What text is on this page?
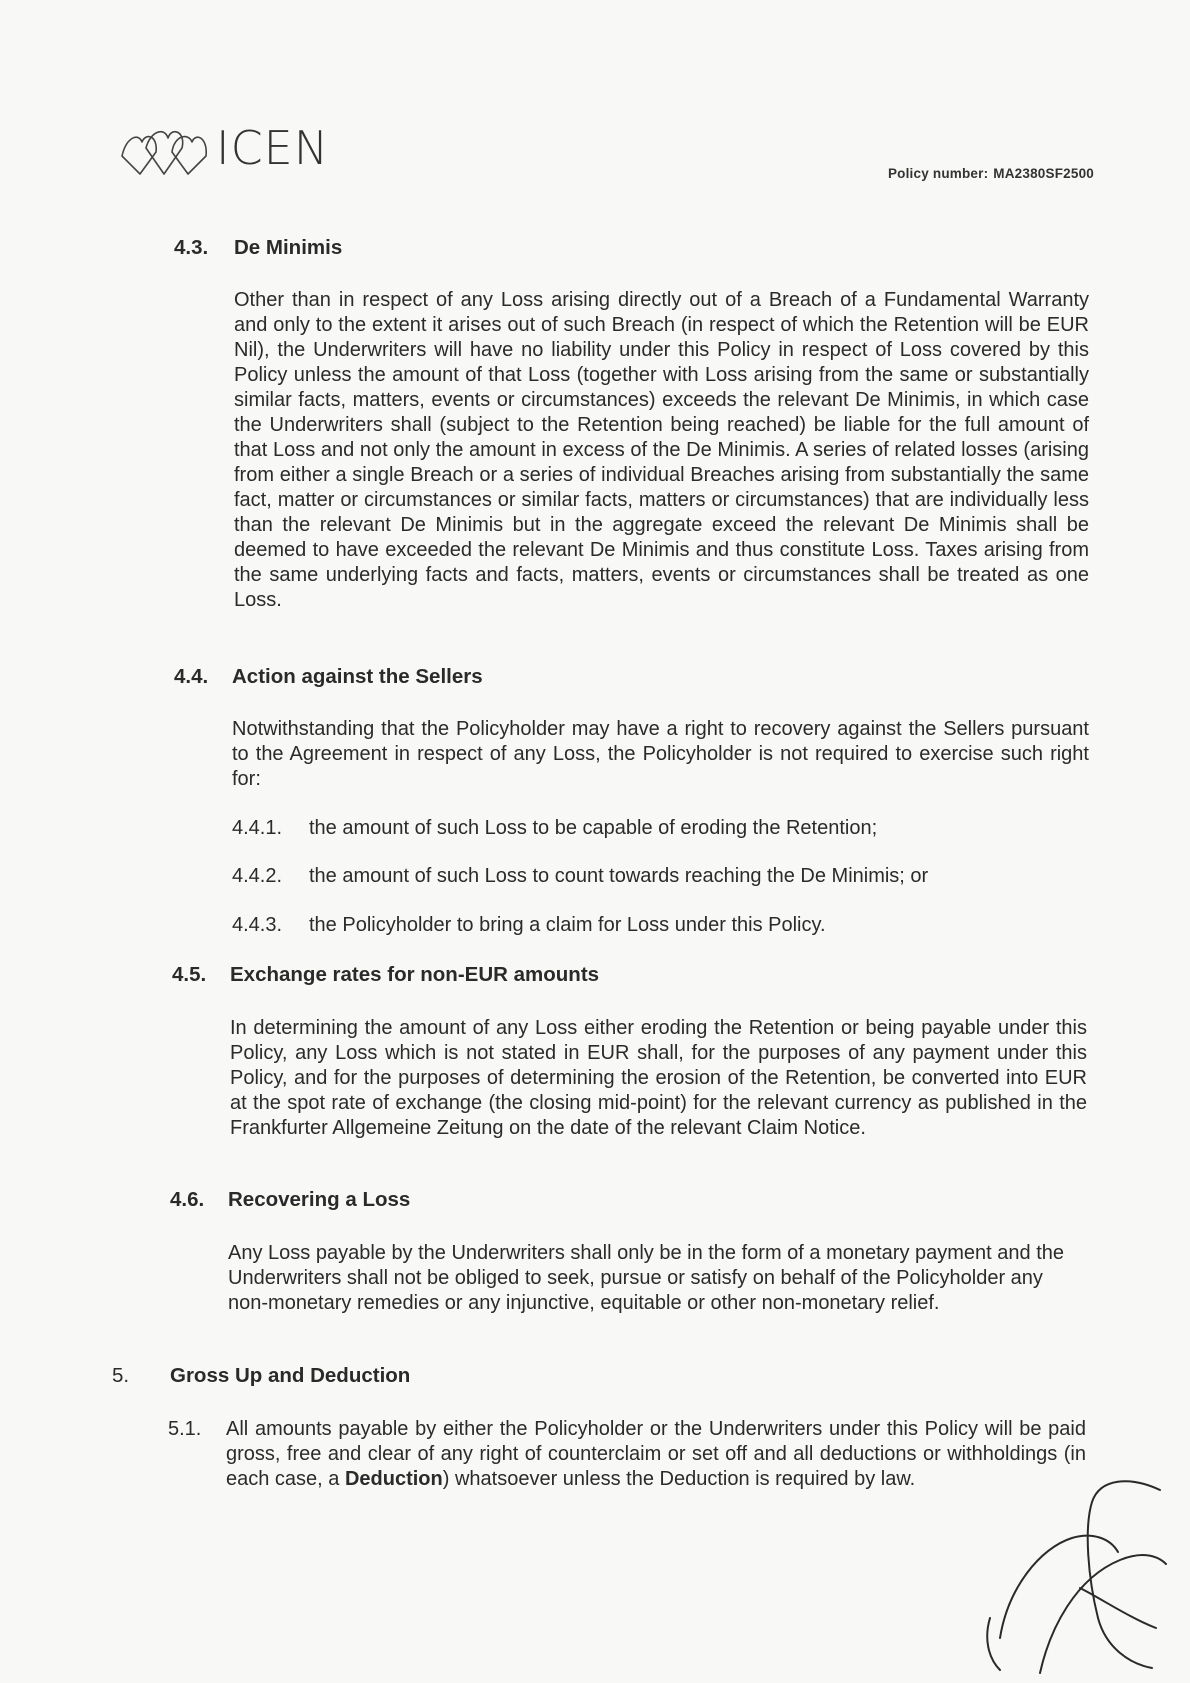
ICEN	Policy number: MA2380SF2500
4.3. De Minimis
Other than in respect of any Loss arising directly out of a Breach of a Fundamental Warranty and only to the extent it arises out of such Breach (in respect of which the Retention will be EUR Nil), the Underwriters will have no liability under this Policy in respect of Loss covered by this Policy unless the amount of that Loss (together with Loss arising from the same or substantially similar facts, matters, events or circumstances) exceeds the relevant De Minimis, in which case the Underwriters shall (subject to the Retention being reached) be liable for the full amount of that Loss and not only the amount in excess of the De Minimis. A series of related losses (arising from either a single Breach or a series of individual Breaches arising from substantially the same fact, matter or circumstances or similar facts, matters or circumstances) that are individually less than the relevant De Minimis but in the aggregate exceed the relevant De Minimis shall be deemed to have exceeded the relevant De Minimis and thus constitute Loss. Taxes arising from the same underlying facts and facts, matters, events or circumstances shall be treated as one Loss.
4.4. Action against the Sellers
Notwithstanding that the Policyholder may have a right to recovery against the Sellers pursuant to the Agreement in respect of any Loss, the Policyholder is not required to exercise such right for:
4.4.1. the amount of such Loss to be capable of eroding the Retention;
4.4.2. the amount of such Loss to count towards reaching the De Minimis; or
4.4.3. the Policyholder to bring a claim for Loss under this Policy.
4.5. Exchange rates for non-EUR amounts
In determining the amount of any Loss either eroding the Retention or being payable under this Policy, any Loss which is not stated in EUR shall, for the purposes of any payment under this Policy, and for the purposes of determining the erosion of the Retention, be converted into EUR at the spot rate of exchange (the closing mid-point) for the relevant currency as published in the Frankfurter Allgemeine Zeitung on the date of the relevant Claim Notice.
4.6. Recovering a Loss
Any Loss payable by the Underwriters shall only be in the form of a monetary payment and the Underwriters shall not be obliged to seek, pursue or satisfy on behalf of the Policyholder any non-monetary remedies or any injunctive, equitable or other non-monetary relief.
5. Gross Up and Deduction
5.1. All amounts payable by either the Policyholder or the Underwriters under this Policy will be paid gross, free and clear of any right of counterclaim or set off and all deductions or withholdings (in each case, a Deduction) whatsoever unless the Deduction is required by law.
